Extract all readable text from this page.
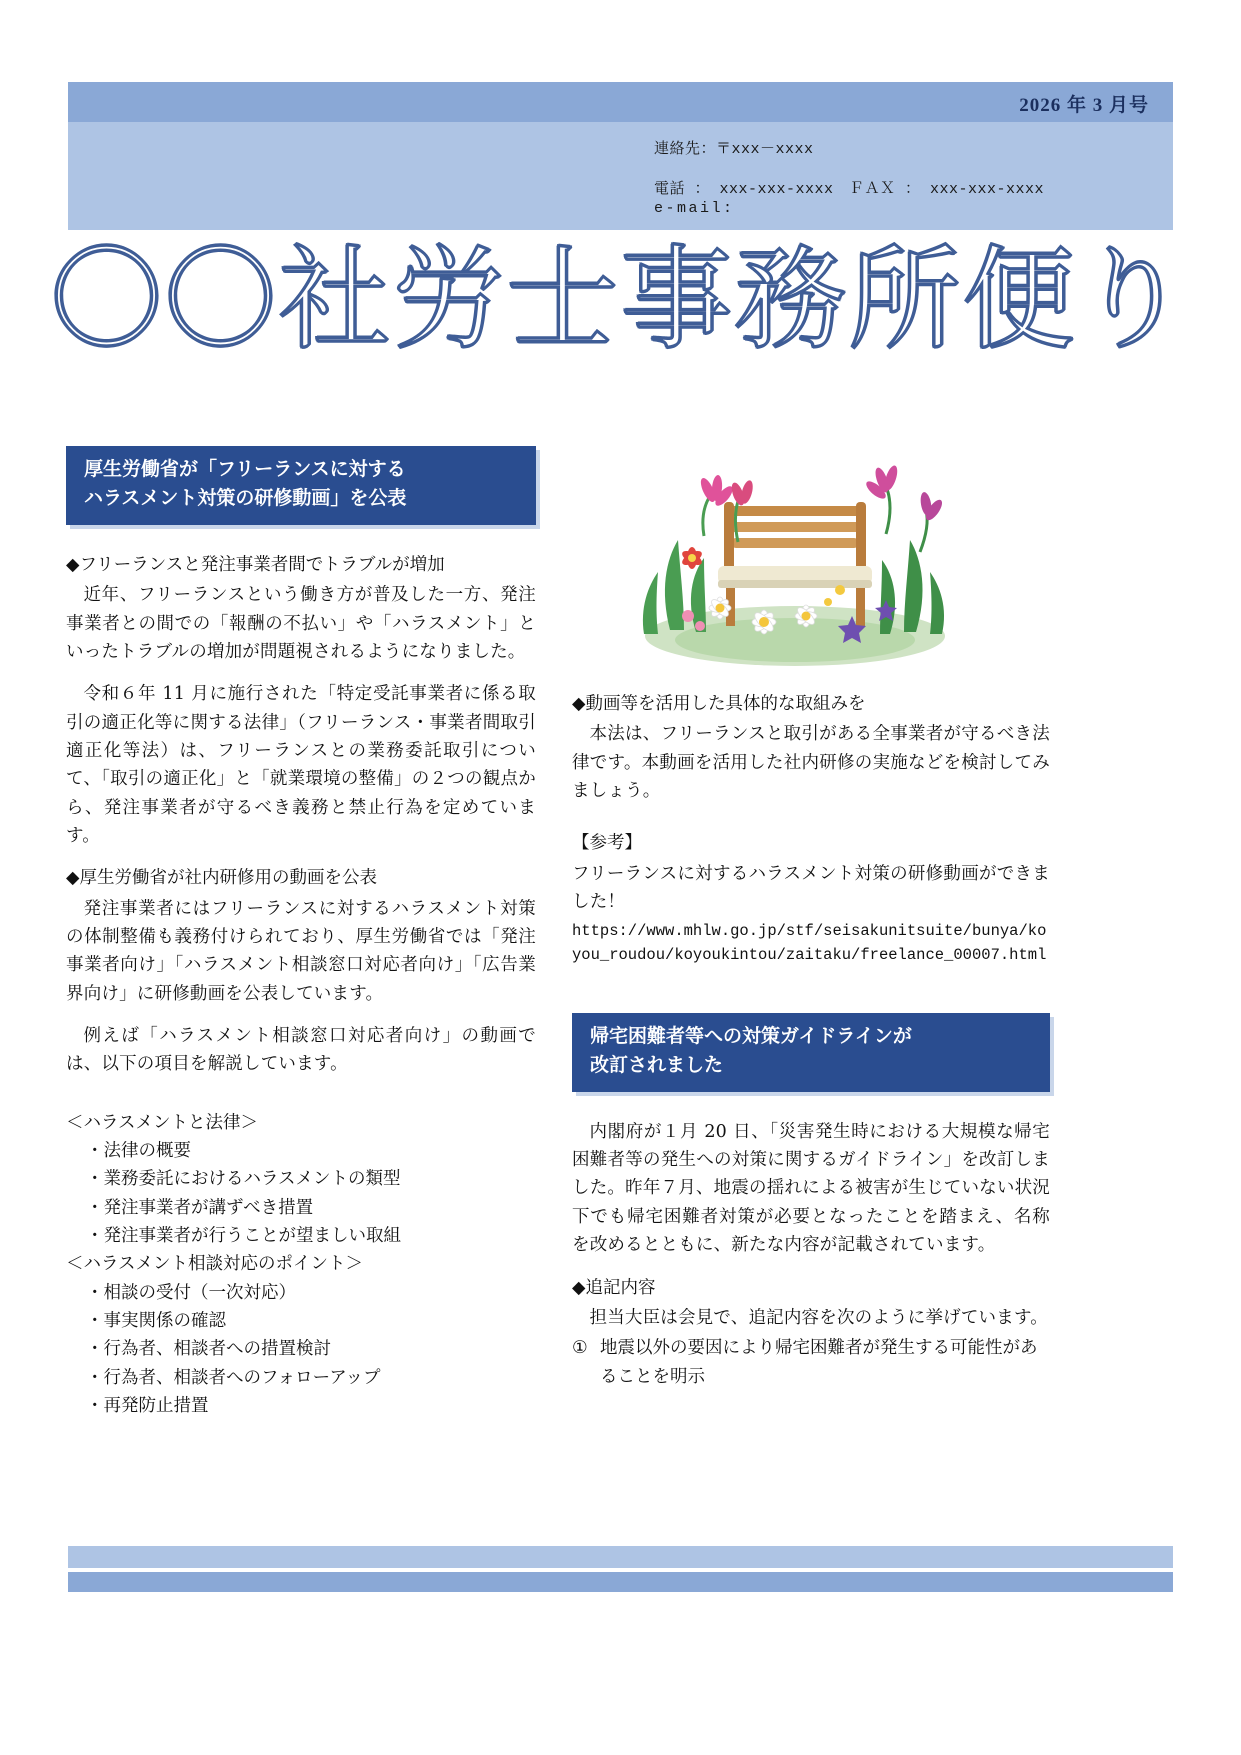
2026 年 3 月号
連絡先：〒xxx－xxxx
電話 ： xxx-xxx-xxxx　ＦＡＸ ： xxx-xxx-xxxx
e-mail:
〇〇社労士事務所便り
厚生労働省が「フリーランスに対する
ハラスメント対策の研修動画」を公表
◆フリーランスと発注事業者間でトラブルが増加

近年、フリーランスという働き方が普及した一方、発注事業者との間での「報酬の不払い」や「ハラスメント」といったトラブルの増加が問題視されるようになりました。

令和６年 11 月に施行された「特定受託事業者に係る取引の適正化等に関する法律」（フリーランス・事業者間取引適正化等法）は、フリーランスとの業務委託取引について、「取引の適正化」と「就業環境の整備」の２つの観点から、発注事業者が守るべき義務と禁止行為を定めています。

◆厚生労働省が社内研修用の動画を公表

発注事業者にはフリーランスに対するハラスメント対策の体制整備も義務付けられており、厚生労働省では「発注事業者向け」「ハラスメント相談窓口対応者向け」「広告業界向け」に研修動画を公表しています。

例えば「ハラスメント相談窓口対応者向け」の動画では、以下の項目を解説しています。

＜ハラスメントと法律＞
・法律の概要
・業務委託におけるハラスメントの類型
・発注事業者が講ずべき措置
・発注事業者が行うことが望ましい取組
＜ハラスメント相談対応のポイント＞
・相談の受付（一次対応）
・事実関係の確認
・行為者、相談者への措置検討
・行為者、相談者へのフォローアップ
・再発防止措置
◆動画等を活用した具体的な取組みを

本法は、フリーランスと取引がある全事業者が守るべき法律です。本動画を活用した社内研修の実施などを検討してみましょう。

【参考】

フリーランスに対するハラスメント対策の研修動画ができました！

https://www.mhlw.go.jp/stf/seisakunitsuite/bunya/koyou_roudou/koyoukintou/zaitaku/freelance_00007.html

帰宅困難者等への対策ガイドラインが
改訂されました

内閣府が１月 20 日、「災害発生時における大規模な帰宅困難者等の発生への対策に関するガイドライン」を改訂しました。昨年７月、地震の揺れによる被害が生じていない状況下でも帰宅困難者対策が必要となったことを踏まえ、名称を改めるとともに、新たな内容が記載されています。

◆追記内容

担当大臣は会見で、追記内容を次のように挙げています。

① 地震以外の要因により帰宅困難者が発生する可能性があることを明示
